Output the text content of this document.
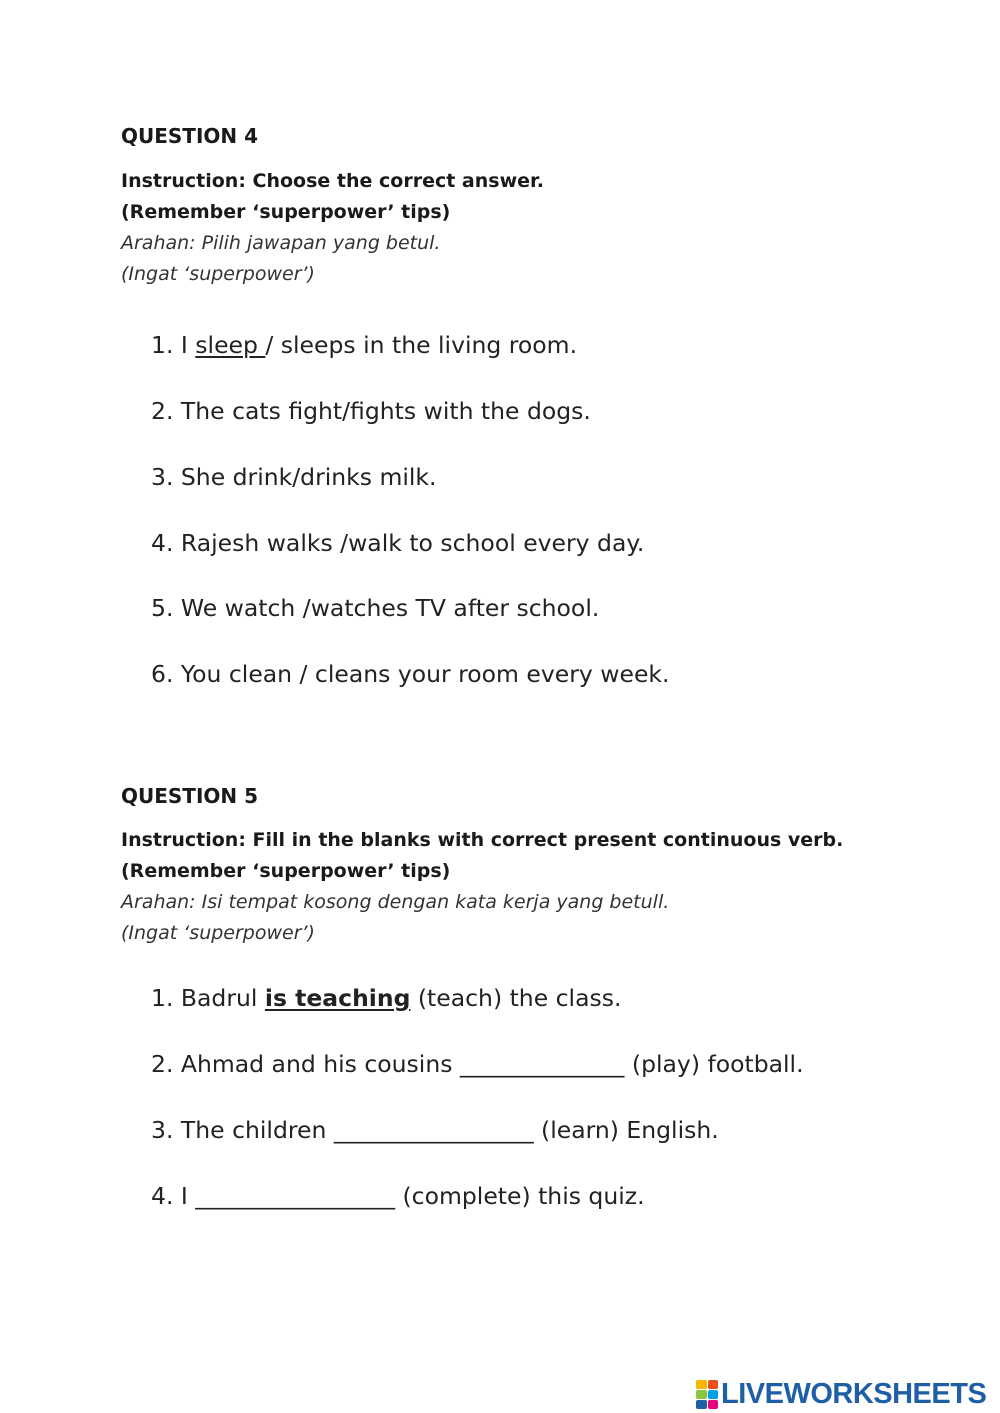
QUESTION 4
Instruction: Choose the correct answer.
(Remember ‘superpower’ tips)
Arahan: Pilih jawapan yang betul.
(Ingat ‘superpower’)
1. I sleep / sleeps in the living room.
2. The cats fight/fights with the dogs.
3. She drink/drinks milk.
4. Rajesh walks /walk to school every day.
5. We watch /watches TV after school.
6. You clean / cleans your room every week.
QUESTION 5
Instruction: Fill in the blanks with correct present continuous verb.
(Remember ‘superpower’ tips)
Arahan: Isi tempat kosong dengan kata kerja yang betull.
(Ingat ‘superpower’)
1. Badrul is teaching (teach) the class.
2. Ahmad and his cousins ______________ (play) football.
3. The children _________________ (learn) English.
4. I _________________ (complete) this quiz.
LIVEWORKSHEETS
